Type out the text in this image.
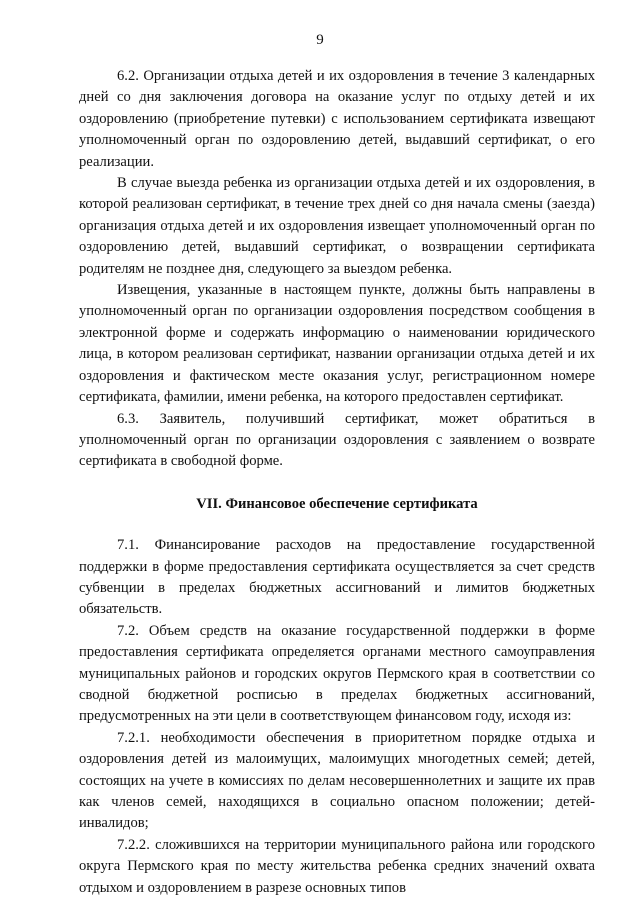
9

6.2. Организации отдыха детей и их оздоровления в течение 3 календарных дней со дня заключения договора на оказание услуг по отдыху детей и их оздоровлению (приобретение путевки) с использованием сертификата извещают уполномоченный орган по оздоровлению детей, выдавший сертификат, о его реализации.

В случае выезда ребенка из организации отдыха детей и их оздоровления, в которой реализован сертификат, в течение трех дней со дня начала смены (заезда) организация отдыха детей и их оздоровления извещает уполномоченный орган по оздоровлению детей, выдавший сертификат, о возвращении сертификата родителям не позднее дня, следующего за выездом ребенка.

Извещения, указанные в настоящем пункте, должны быть направлены в уполномоченный орган по организации оздоровления посредством сообщения в электронной форме и содержать информацию о наименовании юридического лица, в котором реализован сертификат, названии организации отдыха детей и их оздоровления и фактическом месте оказания услуг, регистрационном номере сертификата, фамилии, имени ребенка, на которого предоставлен сертификат.

6.3. Заявитель, получивший сертификат, может обратиться в уполномоченный орган по организации оздоровления с заявлением о возврате сертификата в свободной форме.

VII. Финансовое обеспечение сертификата

7.1. Финансирование расходов на предоставление государственной поддержки в форме предоставления сертификата осуществляется за счет средств субвенции в пределах бюджетных ассигнований и лимитов бюджетных обязательств.

7.2. Объем средств на оказание государственной поддержки в форме предоставления сертификата определяется органами местного самоуправления муниципальных районов и городских округов Пермского края в соответствии со сводной бюджетной росписью в пределах бюджетных ассигнований, предусмотренных на эти цели в соответствующем финансовом году, исходя из:

7.2.1. необходимости обеспечения в приоритетном порядке отдыха и оздоровления детей из малоимущих, малоимущих многодетных семей; детей, состоящих на учете в комиссиях по делам несовершеннолетних и защите их прав как членов семей, находящихся в социально опасном положении; детей-инвалидов;

7.2.2. сложившихся на территории муниципального района или городского округа Пермского края по месту жительства ребенка средних значений охвата отдыхом и оздоровлением в разрезе основных типов
